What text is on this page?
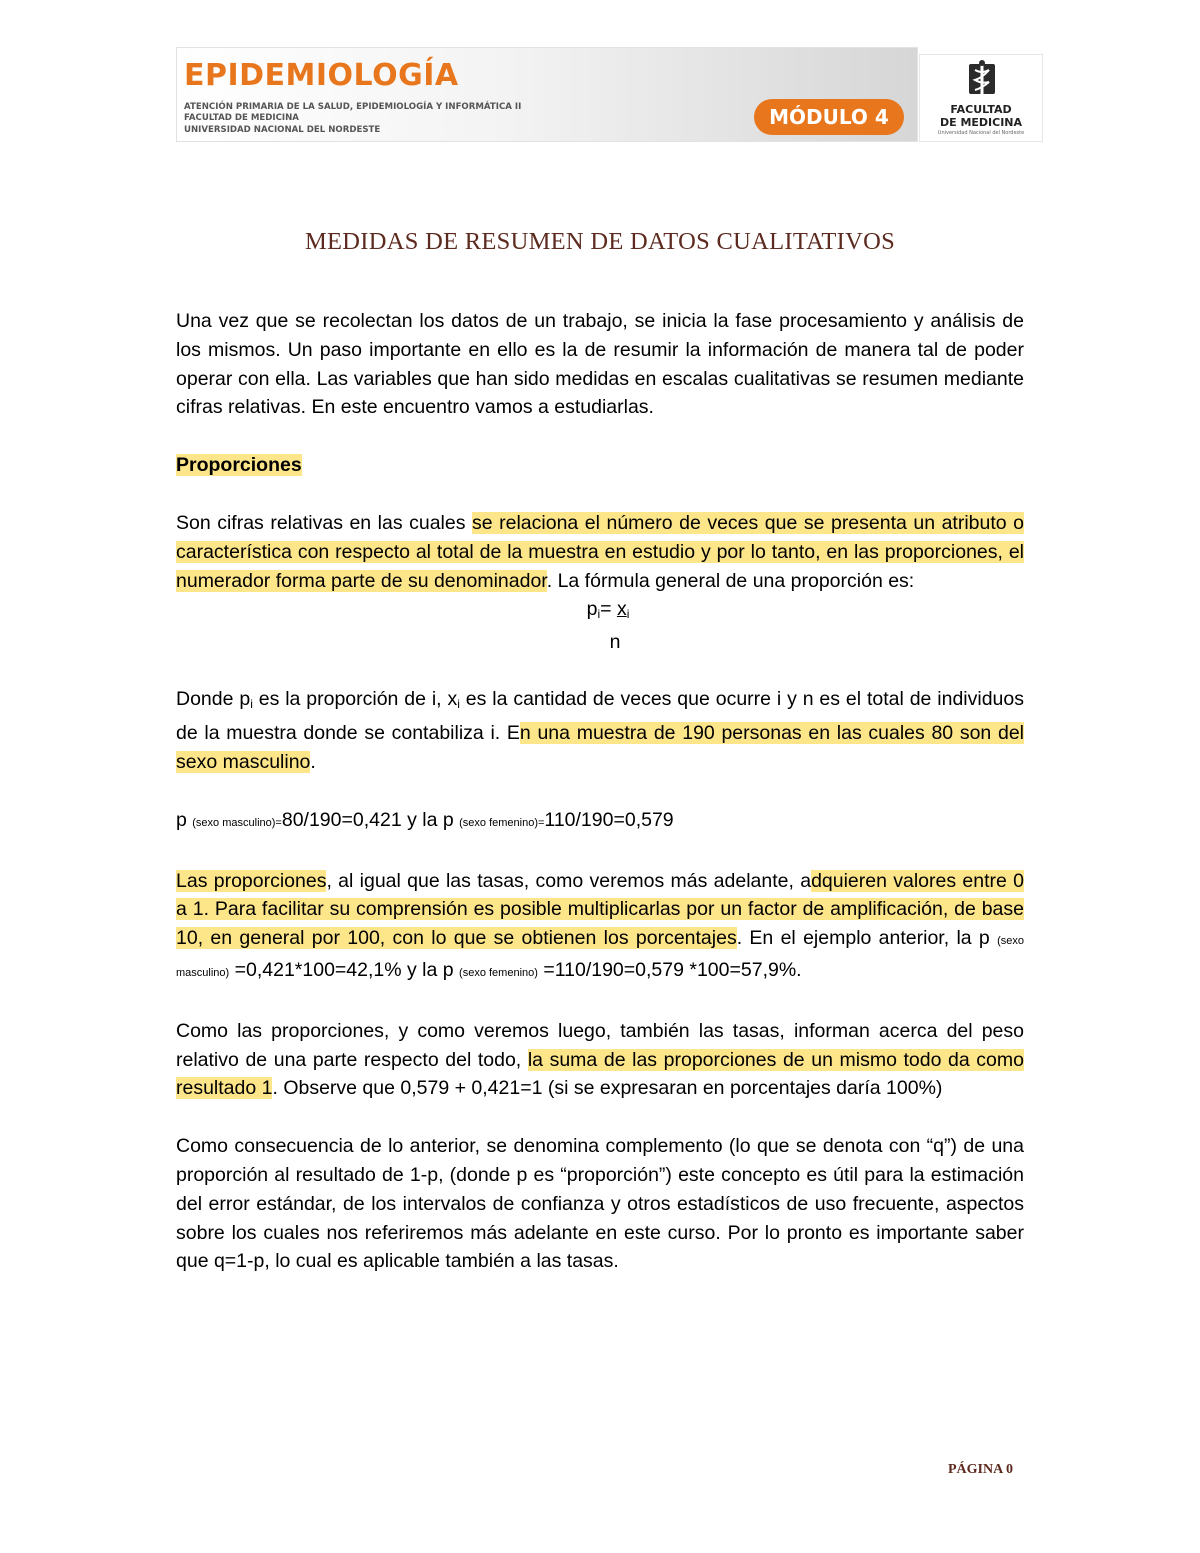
EPIDEMIOLOGÍA
ATENCIÓN PRIMARIA DE LA SALUD, EPIDEMIOLOGÍA Y INFORMÁTICA II
FACULTAD DE MEDICINA
UNIVERSIDAD NACIONAL DEL NORDESTE
MÓDULO 4	FACULTAD
DE MEDICINA
Universidad Nacional del Nordeste
MEDIDAS DE RESUMEN DE DATOS CUALITATIVOS

Una vez que se recolectan los datos de un trabajo, se inicia la fase procesamiento y análisis de los mismos. Un paso importante en ello es la de resumir la información de manera tal de poder operar con ella. Las variables que han sido medidas en escalas cualitativas se resumen mediante cifras relativas. En este encuentro vamos a estudiarlas.

Proporciones

Son cifras relativas en las cuales se relaciona el número de veces que se presenta un atributo o característica con respecto al total de la muestra en estudio y por lo tanto, en las proporciones, el numerador forma parte de su denominador. La fórmula general de una proporción es:

$p_i= x_i$
n

Donde $p_i$ es la proporción de i, $x_i$ es la cantidad de veces que ocurre i y n es el total de individuos de la muestra donde se contabiliza i. En una muestra de 190 personas en las cuales 80 son del sexo masculino.

p (sexo masculino)=80/190=0,421 y la p (sexo femenino)=110/190=0,579

Las proporciones, al igual que las tasas, como veremos más adelante, adquieren valores entre 0 a 1. Para facilitar su comprensión es posible multiplicarlas por un factor de amplificación, de base 10, en general por 100, con lo que se obtienen los porcentajes. En el ejemplo anterior, la p (sexo masculino) =0,421*100=42,1% y la p (sexo femenino) =110/190=0,579 *100=57,9%.

Como las proporciones, y como veremos luego, también las tasas, informan acerca del peso relativo de una parte respecto del todo, la suma de las proporciones de un mismo todo da como resultado 1. Observe que 0,579 + 0,421=1 (si se expresaran en porcentajes daría 100%)

Como consecuencia de lo anterior, se denomina complemento (lo que se denota con “q”) de una proporción al resultado de 1-p, (donde p es “proporción”) este concepto es útil para la estimación del error estándar, de los intervalos de confianza y otros estadísticos de uso frecuente, aspectos sobre los cuales nos referiremos más adelante en este curso. Por lo pronto es importante saber que q=1-p, lo cual es aplicable también a las tasas.

PÁGINA 0
